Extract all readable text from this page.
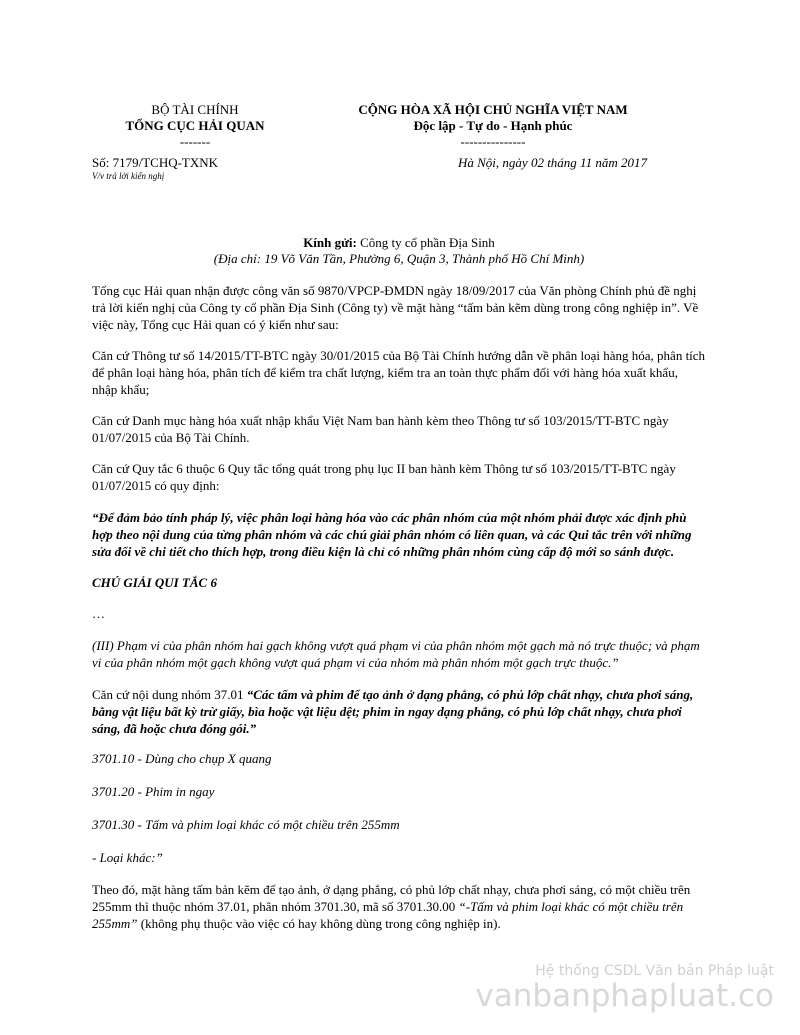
BỘ TÀI CHÍNH
TỔNG CỤC HẢI QUAN
-------
CỘNG HÒA XÃ HỘI CHỦ NGHĨA VIỆT NAM
Độc lập - Tự do - Hạnh phúc
---------------
Số: 7179/TCHQ-TXNK
V/v trả lời kiến nghị
Hà Nội, ngày 02 tháng 11 năm 2017
Kính gửi: Công ty cổ phần Địa Sinh
(Địa chỉ: 19 Võ Văn Tần, Phường 6, Quận 3, Thành phố Hồ Chí Minh)

Tổng cục Hải quan nhận được công văn số 9870/VPCP-ĐMDN ngày 18/09/2017 của Văn phòng Chính phủ đề nghị trả lời kiến nghị của Công ty cổ phần Địa Sinh (Công ty) về mặt hàng “tấm bản kẽm dùng trong công nghiệp in”. Về việc này, Tổng cục Hải quan có ý kiến như sau:

Căn cứ Thông tư số 14/2015/TT-BTC ngày 30/01/2015 của Bộ Tài Chính hướng dẫn về phân loại hàng hóa, phân tích để phân loại hàng hóa, phân tích để kiểm tra chất lượng, kiểm tra an toàn thực phẩm đối với hàng hóa xuất khẩu, nhập khẩu;

Căn cứ Danh mục hàng hóa xuất nhập khẩu Việt Nam ban hành kèm theo Thông tư số 103/2015/TT-BTC ngày 01/07/2015 của Bộ Tài Chính.

Căn cứ Quy tắc 6 thuộc 6 Quy tắc tổng quát trong phụ lục II ban hành kèm Thông tư số 103/2015/TT-BTC ngày 01/07/2015 có quy định:

“Để đảm bảo tính pháp lý, việc phân loại hàng hóa vào các phân nhóm của một nhóm phải được xác định phù hợp theo nội dung của từng phân nhóm và các chú giải phân nhóm có liên quan, và các Qui tắc trên với những sửa đổi về chi tiết cho thích hợp, trong điều kiện là chỉ có những phân nhóm cùng cấp độ mới so sánh được.

CHÚ GIẢI QUI TẮC 6

…

(III) Phạm vi của phân nhóm hai gạch không vượt quá phạm vi của phân nhóm một gạch mà nó trực thuộc; và phạm vi của phân nhóm một gạch không vượt quá phạm vi của nhóm mà phân nhóm một gạch trực thuộc.”

Căn cứ nội dung nhóm 37.01 “Các tấm và phim để tạo ảnh ở dạng phẳng, có phủ lớp chất nhạy, chưa phơi sáng, bằng vật liệu bất kỳ trừ giấy, bìa hoặc vật liệu dệt; phim in ngay dạng phẳng, có phủ lớp chất nhạy, chưa phơi sáng, đã hoặc chưa đóng gói.”

3701.10 - Dùng cho chụp X quang

3701.20 - Phim in ngay

3701.30 - Tấm và phim loại khác có một chiều trên 255mm

- Loại khác:”

Theo đó, mặt hàng tấm bản kẽm để tạo ảnh, ở dạng phẳng, có phủ lớp chất nhạy, chưa phơi sáng, có một chiều trên 255mm thì thuộc nhóm 37.01, phân nhóm 3701.30, mã số 3701.30.00 “-Tấm và phim loại khác có một chiều trên 255mm” (không phụ thuộc vào việc có hay không dùng trong công nghiệp in).

Hệ thống CSDL Văn bản Pháp luật
vanbanphapluat.co
